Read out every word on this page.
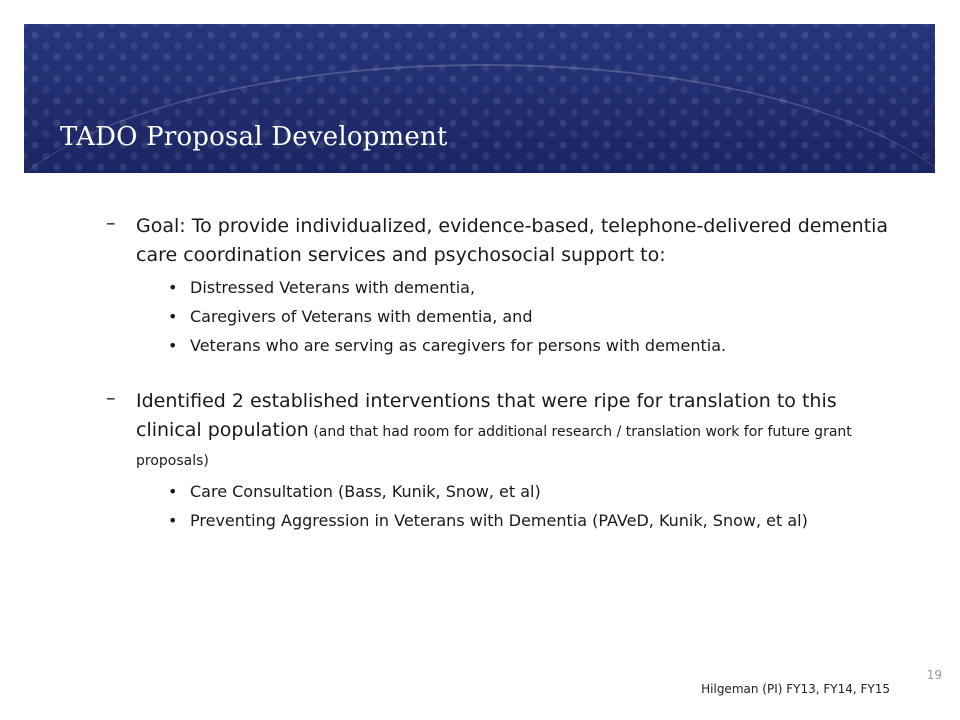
TADO Proposal Development
– Goal: To provide individualized, evidence-based, telephone-delivered dementia care coordination services and psychosocial support to:
• Distressed Veterans with dementia,
• Caregivers of Veterans with dementia, and
• Veterans who are serving as caregivers for persons with dementia.
– Identified 2 established interventions that were ripe for translation to this clinical population (and that had room for additional research / translation work for future grant proposals)
• Care Consultation (Bass, Kunik, Snow, et al)
• Preventing Aggression in Veterans with Dementia (PAVeD, Kunik, Snow, et al)
19
Hilgeman (PI) FY13, FY14, FY15
